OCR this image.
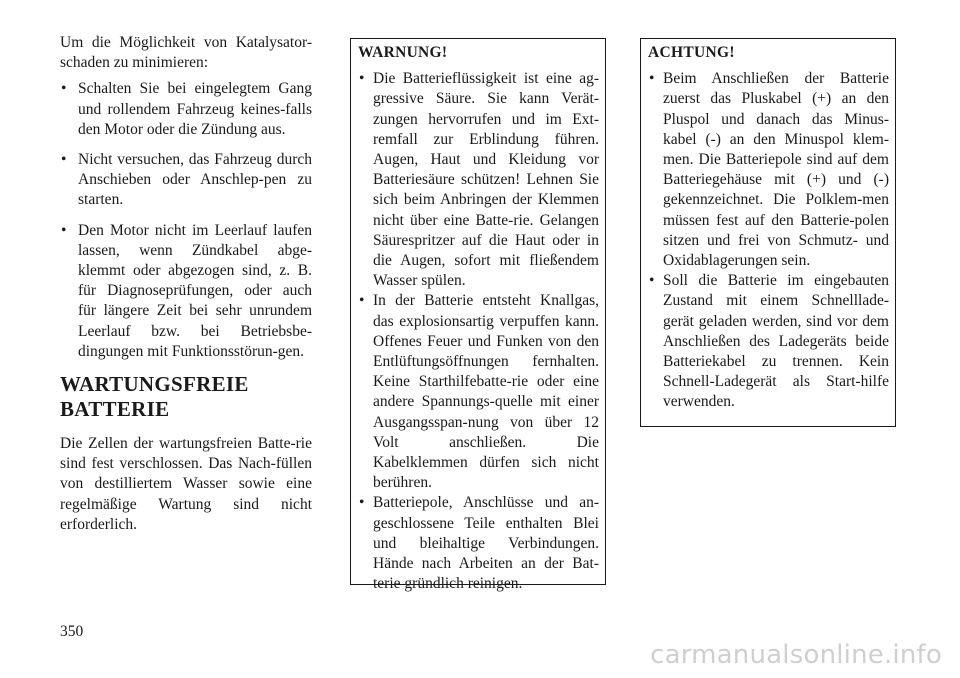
Um die Möglichkeit von Katalysator-schaden zu minimieren:

• Schalten Sie bei eingelegtem Gang und rollendem Fahrzeug keines-falls den Motor oder die Zündung aus.
• Nicht versuchen, das Fahrzeug durch Anschieben oder Anschlep-pen zu starten.
• Den Motor nicht im Leerlauf laufen lassen, wenn Zündkabel abge-klemmt oder abgezogen sind, z. B. für Diagnoseprüfungen, oder auch für längere Zeit bei sehr unrundem Leerlauf bzw. bei Betriebsbe-dingungen mit Funktionsstörun-gen.
WARTUNGSFREIE
BATTERIE

Die Zellen der wartungsfreien Batte-rie sind fest verschlossen. Das Nach-füllen von destilliertem Wasser sowie eine regelmäßige Wartung sind nicht erforderlich.

WARNUNG!
• Die Batterieflüssigkeit ist eine ag-gressive Säure. Sie kann Verät-zungen hervorrufen und im Ext-remfall zur Erblindung führen. Augen, Haut und Kleidung vor Batteriesäure schützen! Lehnen Sie sich beim Anbringen der Klemmen nicht über eine Batte-rie. Gelangen Säurespritzer auf die Haut oder in die Augen, sofort mit fließendem Wasser spülen.
• In der Batterie entsteht Knallgas, das explosionsartig verpuffen kann. Offenes Feuer und Funken von den Entlüftungsöffnungen fernhalten. Keine Starthilfebatte-rie oder eine andere Spannungs-quelle mit einer Ausgangsspan-nung von über 12 Volt anschließen. Die Kabelklemmen dürfen sich nicht berühren.
• Batteriepole, Anschlüsse und an-geschlossene Teile enthalten Blei und bleihaltige Verbindungen. Hände nach Arbeiten an der Bat-terie gründlich reinigen.
ACHTUNG!
• Beim Anschließen der Batterie zuerst das Pluskabel (+) an den Pluspol und danach das Minus-kabel (-) an den Minuspol klem-men. Die Batteriepole sind auf dem Batteriegehäuse mit (+) und (-) gekennzeichnet. Die Polklem-men müssen fest auf den Batterie-polen sitzen und frei von Schmutz- und Oxidablagerungen sein.
• Soll die Batterie im eingebauten Zustand mit einem Schnelllade-gerät geladen werden, sind vor dem Anschließen des Ladegeräts beide Batteriekabel zu trennen. Kein Schnell-Ladegerät als Start-hilfe verwenden.
350
carmanualsonline.info
